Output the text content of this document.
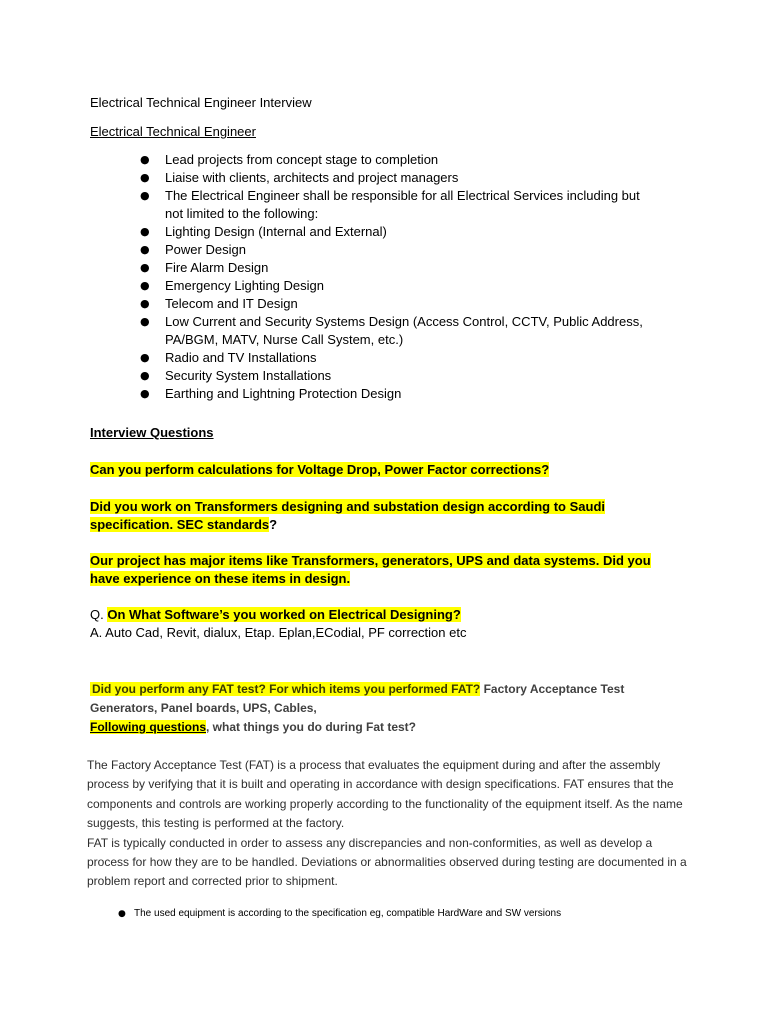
Electrical Technical Engineer Interview

Electrical Technical Engineer

● Lead projects from concept stage to completion
● Liaise with clients, architects and project managers
● The Electrical Engineer shall be responsible for all Electrical Services including but not limited to the following:
● Lighting Design (Internal and External)
● Power Design
● Fire Alarm Design
● Emergency Lighting Design
● Telecom and IT Design
● Low Current and Security Systems Design (Access Control, CCTV, Public Address, PA/BGM, MATV, Nurse Call System, etc.)
● Radio and TV Installations
● Security System Installations
● Earthing and Lightning Protection Design

Interview Questions

Can you perform calculations for Voltage Drop, Power Factor corrections?

Did you work on Transformers designing and substation design according to Saudi specification. SEC standards?

Our project has major items like Transformers, generators, UPS and data systems. Did you have experience on these items in design.

Q. On What Software’s you worked on Electrical Designing?

A. Auto Cad, Revit, dialux, Etap. Eplan,ECodial, PF correction etc

Did you perform any FAT test? For which items you performed FAT? Factory Acceptance Test Generators, Panel boards, UPS, Cables,
Following questions, what things you do during Fat test?

The Factory Acceptance Test (FAT) is a process that evaluates the equipment during and after the assembly process by verifying that it is built and operating in accordance with design specifications. FAT ensures that the components and controls are working properly according to the functionality of the equipment itself. As the name suggests, this testing is performed at the factory.
FAT is typically conducted in order to assess any discrepancies and non-conformities, as well as develop a process for how they are to be handled. Deviations or abnormalities observed during testing are documented in a problem report and corrected prior to shipment.
● The used equipment is according to the specification eg, compatible HardWare and SW versions
